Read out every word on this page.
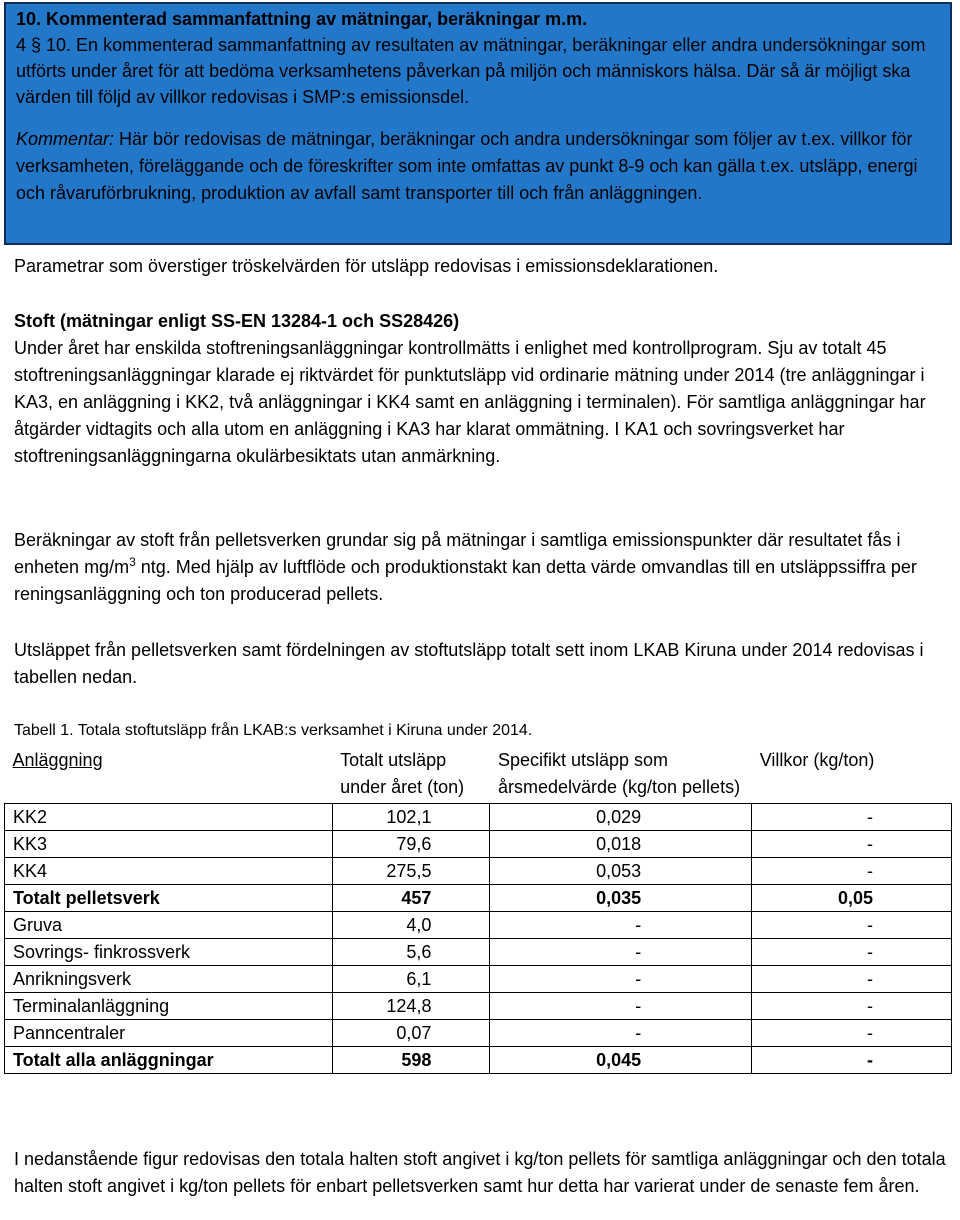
10. Kommenterad sammanfattning av mätningar, beräkningar m.m.

4 § 10. En kommenterad sammanfattning av resultaten av mätningar, beräkningar eller andra undersökningar som utförts under året för att bedöma verksamhetens påverkan på miljön och människors hälsa. Där så är möjligt ska värden till följd av villkor redovisas i SMP:s emissionsdel.

Kommentar: Här bör redovisas de mätningar, beräkningar och andra undersökningar som följer av t.ex. villkor för verksamheten, föreläggande och de föreskrifter som inte omfattas av punkt 8-9 och kan gälla t.ex. utsläpp, energi och råvaruförbrukning, produktion av avfall samt transporter till och från anläggningen.

Parametrar som överstiger tröskelvärden för utsläpp redovisas i emissionsdeklarationen.

Stoft (mätningar enligt SS-EN 13284-1 och SS28426)

Under året har enskilda stoftreningsanläggningar kontrollmätts i enlighet med kontrollprogram. Sju av totalt 45 stoftreningsanläggningar klarade ej riktvärdet för punktutsläpp vid ordinarie mätning under 2014 (tre anläggningar i KA3, en anläggning i KK2, två anläggningar i KK4 samt en anläggning i terminalen). För samtliga anläggningar har åtgärder vidtagits och alla utom en anläggning i KA3 har klarat ommätning. I KA1 och sovringsverket har stoftreningsanläggningarna okulärbesiktats utan anmärkning.

Beräkningar av stoft från pelletsverken grundar sig på mätningar i samtliga emissionspunkter där resultatet fås i enheten $mg/m^3$ ntg. Med hjälp av luftflöde och produktionstakt kan detta värde omvandlas till en utsläppssiffra per reningsanläggning och ton producerad pellets.

Utsläppet från pelletsverken samt fördelningen av stoftutsläpp totalt sett inom LKAB Kiruna under 2014 redovisas i tabellen nedan.

Tabell 1. Totala stoftutsläpp från LKAB:s verksamhet i Kiruna under 2014.
Anläggning	Totalt utsläpp under året (ton)	Specifikt utsläpp som årsmedelvärde (kg/ton pellets)	Villkor (kg/ton)
KK2	102,1	0,029	-
KK3	79,6	0,018	-
KK4	275,5	0,053	-
Totalt pelletsverk	457	0,035	0,05
Gruva	4,0	-	-
Sovrings- finkrossverk	5,6	-	-
Anrikningsverk	6,1	-	-
Terminalanläggning	124,8	-	-
Panncentraler	0,07	-	-
Totalt alla anläggningar	598	0,045	-

I nedanstående figur redovisas den totala halten stoft angivet i kg/ton pellets för samtliga anläggningar och den totala halten stoft angivet i kg/ton pellets för enbart pelletsverken samt hur detta har varierat under de senaste fem åren.
